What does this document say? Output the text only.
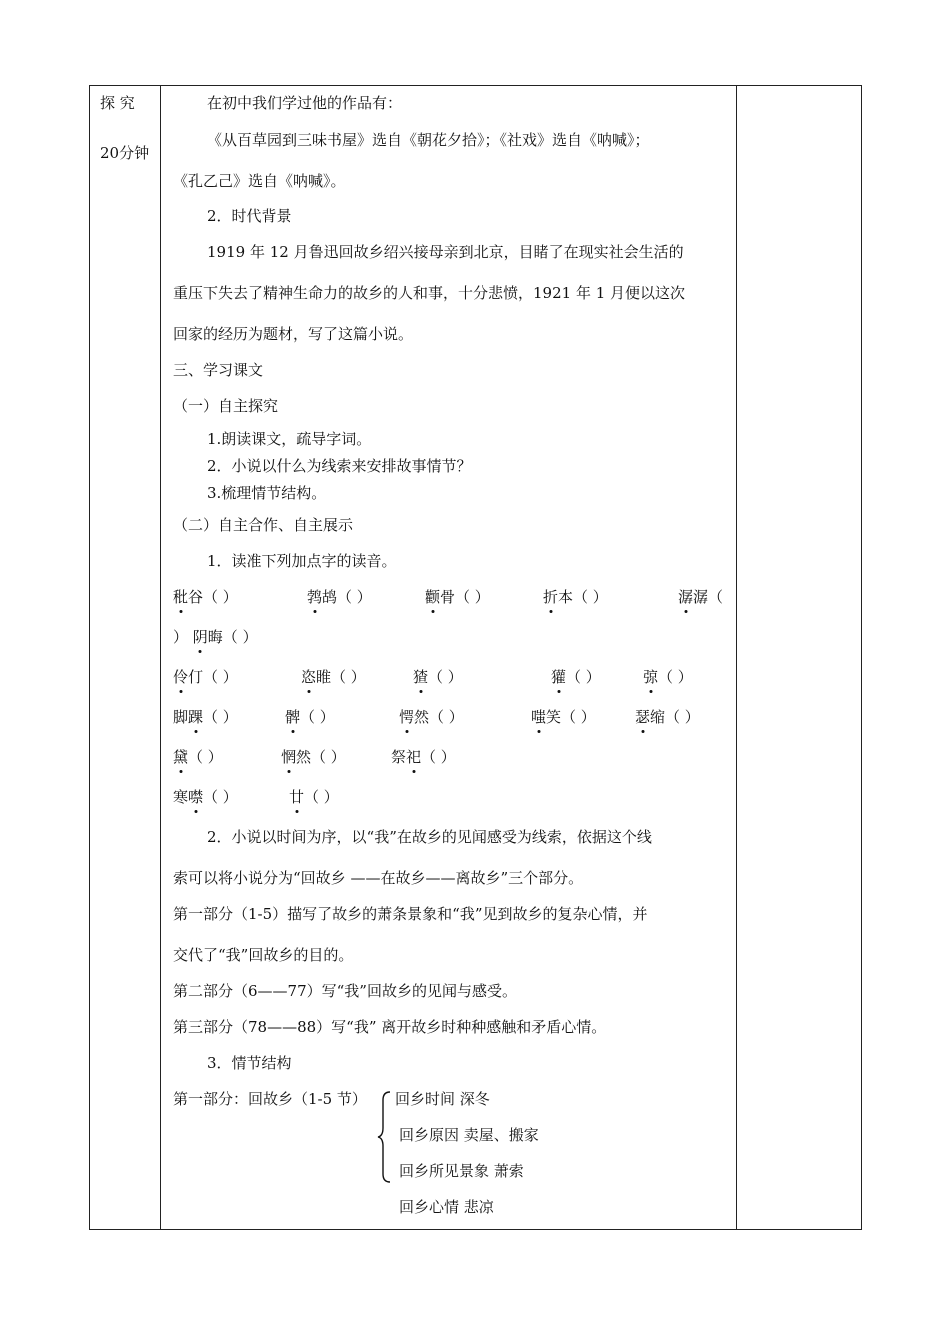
探 究
20分钟
在初中我们学过他的作品有：
《从百草园到三味书屋》选自《朝花夕拾》；《社戏》选自《呐喊》；
《孔乙己》选自《呐喊》。
2．时代背景
1919 年 12 月鲁迅回故乡绍兴接母亲到北京，目睹了在现实社会生活的
重压下失去了精神生命力的故乡的人和事，十分悲愤，1921 年 1 月便以这次
回家的经历为题材，写了这篇小说。
三、学习课文
（一）自主探究
1.朗读课文，疏导字词。
2．小说以什么为线索来安排故事情节？
3.梳理情节结构。
（二）自主合作、自主展示
1．读准下列加点字的读音。
秕谷（ ）	鹁鸪（ ）	颧骨（ ）	折本（ ）	潺潺（
） 阴晦（ ）
伶仃（ ）	恣睢（ ）	猹（ ）	獾（ ）	弶（ ）
脚踝（ ）	髀（ ）	愕然（ ）	嗤笑（ ）	瑟缩（ ）
黛（ ）	惘然（ ）	祭祀（ ）
寒噤（ ）	廿（ ）
2．小说以时间为序，以“我”在故乡的见闻感受为线索，依据这个线
索可以将小说分为“回故乡 ——在故乡——离故乡”三个部分。
第一部分（1-5）描写了故乡的萧条景象和“我”见到故乡的复杂心情，并
交代了“我”回故乡的目的。
第二部分（6——77）写“我”回故乡的见闻与感受。
第三部分（78——88）写“我” 离开故乡时种种感触和矛盾心情。
3．情节结构
第一部分：回故乡（1-5 节） 回乡时间 深冬
回乡原因 卖屋、搬家
回乡所见景象 萧索
回乡心情 悲凉
